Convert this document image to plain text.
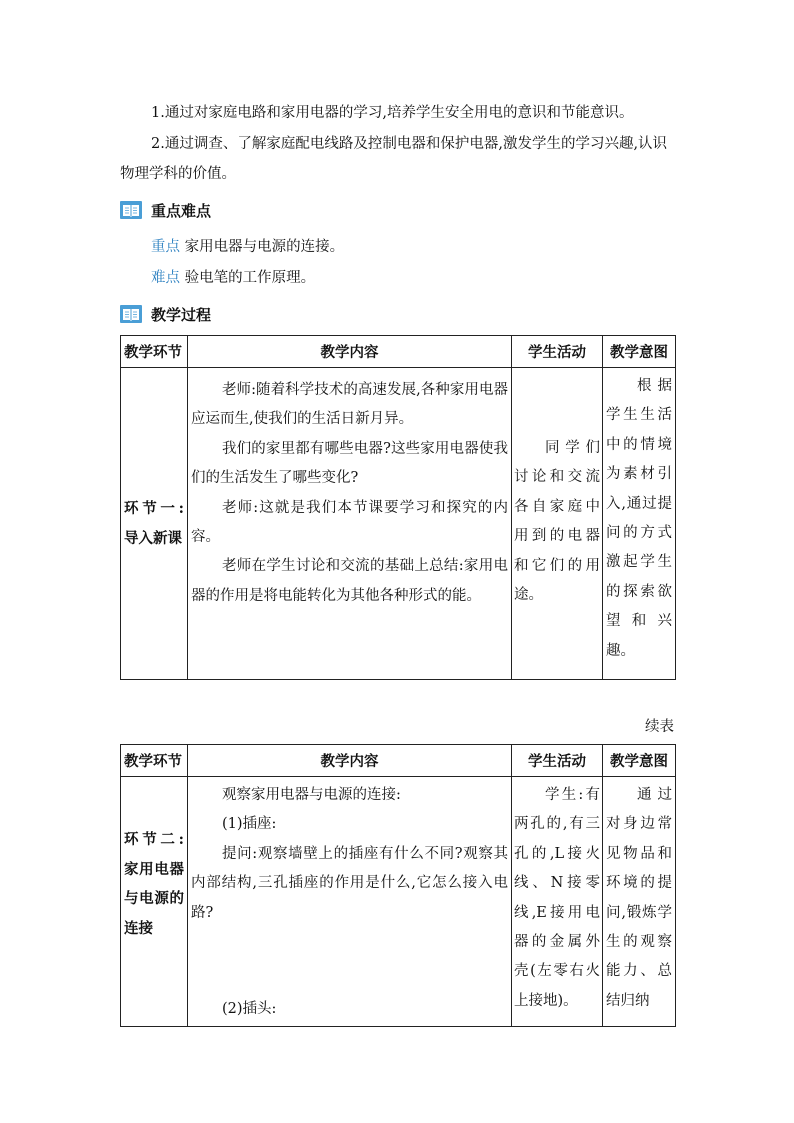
1.通过对家庭电路和家用电器的学习,培养学生安全用电的意识和节能意识。

2.通过调查、了解家庭配电线路及控制电器和保护电器,激发学生的学习兴趣,认识物理学科的价值。

重点难点
重点 家用电器与电源的连接。
难点 验电笔的工作原理。
教学过程
教学环节	教学内容	学生活动	教学意图

环节一:导入新课	老师:随着科学技术的高速发展,各种家用电器应运而生,使我们的生活日新月异。

我们的家里都有哪些电器?这些家用电器使我们的生活发生了哪些变化?

老师:这就是我们本节课要学习和探究的内容。

老师在学生讨论和交流的基础上总结:家用电器的作用是将电能转化为其他各种形式的能。	同学们讨论和交流各自家庭中用到的电器和它们的用途。	根据学生生活中的情境为素材引入,通过提问的方式激起学生的探索欲望和兴趣。

续表
教学环节	教学内容	学生活动	教学意图

环节二:家用电器与电源的连接	观察家用电器与电源的连接:

(1)插座:

提问:观察墙壁上的插座有什么不同?观察其内部结构,三孔插座的作用是什么,它怎么接入电路?

(2)插头:	学生:有两孔的,有三孔的,L接火线、N接零线,E接用电器的金属外壳(左零右火上接地)。	通过对身边常见物品和环境的提问,锻炼学生的观察能力、总结归纳
